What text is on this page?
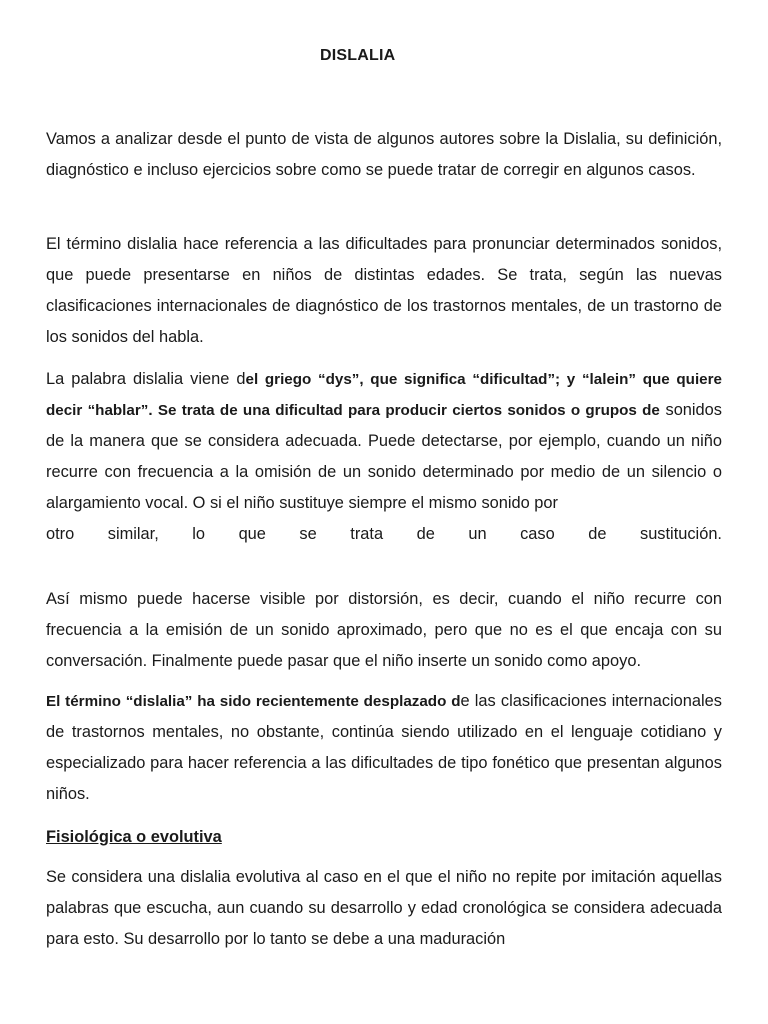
DISLALIA

Vamos a analizar desde el punto de vista de algunos autores sobre la Dislalia, su definición, diagnóstico e incluso ejercicios sobre como se puede tratar de corregir en algunos casos.

El término dislalia hace referencia a las dificultades para pronunciar determinados sonidos, que puede presentarse en niños de distintas edades. Se trata, según las nuevas clasificaciones internacionales de diagnóstico de los trastornos mentales, de un trastorno de los sonidos del habla.

La palabra dislalia viene del griego “dys”, que significa “dificultad”; y “lalein” que quiere decir “hablar”. Se trata de una dificultad para producir ciertos sonidos o grupos de sonidos de la manera que se considera adecuada. Puede detectarse, por ejemplo, cuando un niño recurre con frecuencia a la omisión de un sonido determinado por medio de un silencio o alargamiento vocal. O si el niño sustituye siempre el mismo sonido por

otro similar, lo que se trata de un caso de sustitución.

Así mismo puede hacerse visible por distorsión, es decir, cuando el niño recurre con frecuencia a la emisión de un sonido aproximado, pero que no es el que encaja con su conversación. Finalmente puede pasar que el niño inserte un sonido como apoyo.

El término “dislalia” ha sido recientemente desplazado de las clasificaciones internacionales de trastornos mentales, no obstante, continúa siendo utilizado en el lenguaje cotidiano y especializado para hacer referencia a las dificultades de tipo fonético que presentan algunos niños.

Fisiológica o evolutiva

Se considera una dislalia evolutiva al caso en el que el niño no repite por imitación aquellas palabras que escucha, aun cuando su desarrollo y edad cronológica se considera adecuada para esto. Su desarrollo por lo tanto se debe a una maduración
